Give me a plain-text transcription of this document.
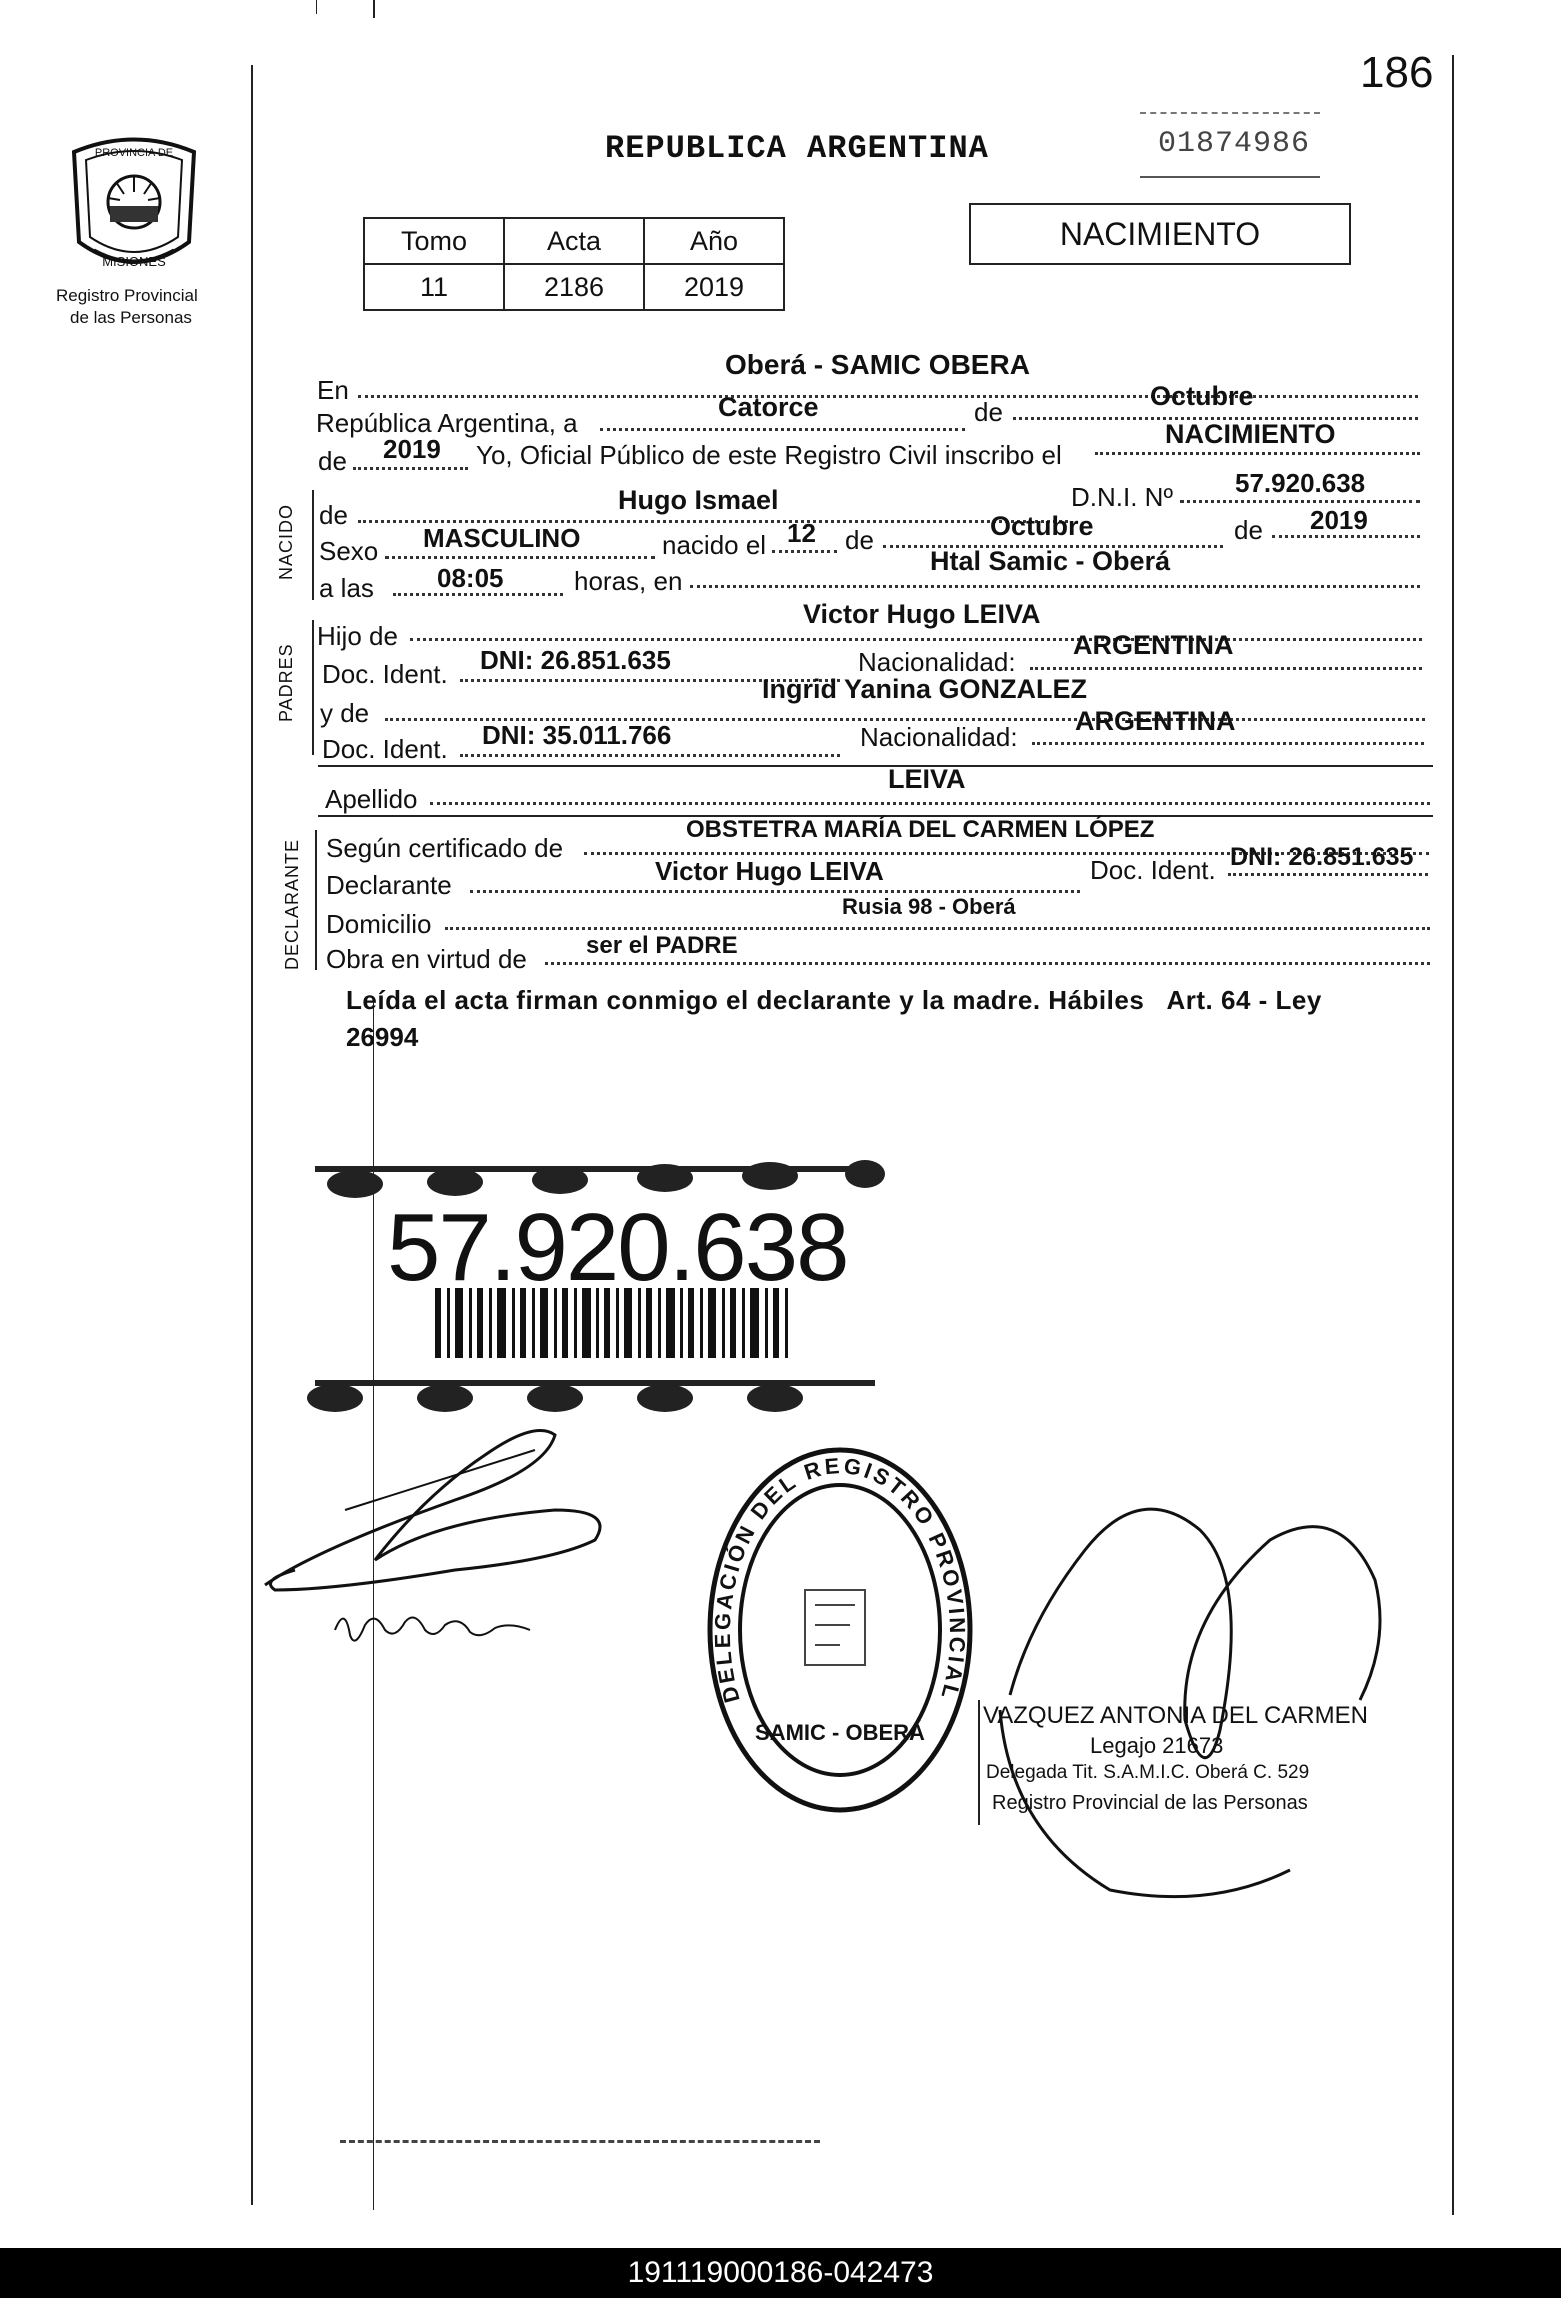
186
PROVINCIA DE
MISIONES
Registro Provincial
de las Personas
REPUBLICA ARGENTINA	01874986
Tomo	Acta	Año
11	2186	2019
NACIMIENTO
NACIDO
PADRES
DECLARANTE
Oberá - SAMIC OBERA
En
República Argentina, a
Catorce	de
Octubre
de 2019 Yo, Oficial Público de este Registro Civil inscribo el
NACIMIENTO
de	Hugo Ismael	D.N.I. Nº 57.920.638
Sexo MASCULINO	nacido el 12 de	Octubre	de 2019
a las 08:05	horas, en
Htal Samic - Oberá
Hijo de
Victor Hugo LEIVA
Doc. Ident. DNI: 26.851.635	Nacionalidad:
ARGENTINA
y de
Ingrid Yanina GONZALEZ
Doc. Ident. DNI: 35.011.766	Nacionalidad:
ARGENTINA
Apellido
LEIVA
Según certificado de
OBSTETRA MARÍA DEL CARMEN LÓPEZ
Declarante	Victor Hugo LEIVA	Doc. Ident. DNI: 26.851.635
Domicilio
Rusia 98 - Oberá
Obra en virtud de ser el PADRE
Leída el acta firman conmigo el declarante y la madre. Hábiles   Art. 64 - Ley
26994
57.920.638
DELEGACIÓN DEL REGISTRO PROVINCIAL
SAMIC - OBERÁ
VAZQUEZ ANTONIA DEL CARMEN
Legajo 21673
Delegada Tit. S.A.M.I.C. Oberá C. 529
Registro Provincial de las Personas
191119000186-042473
